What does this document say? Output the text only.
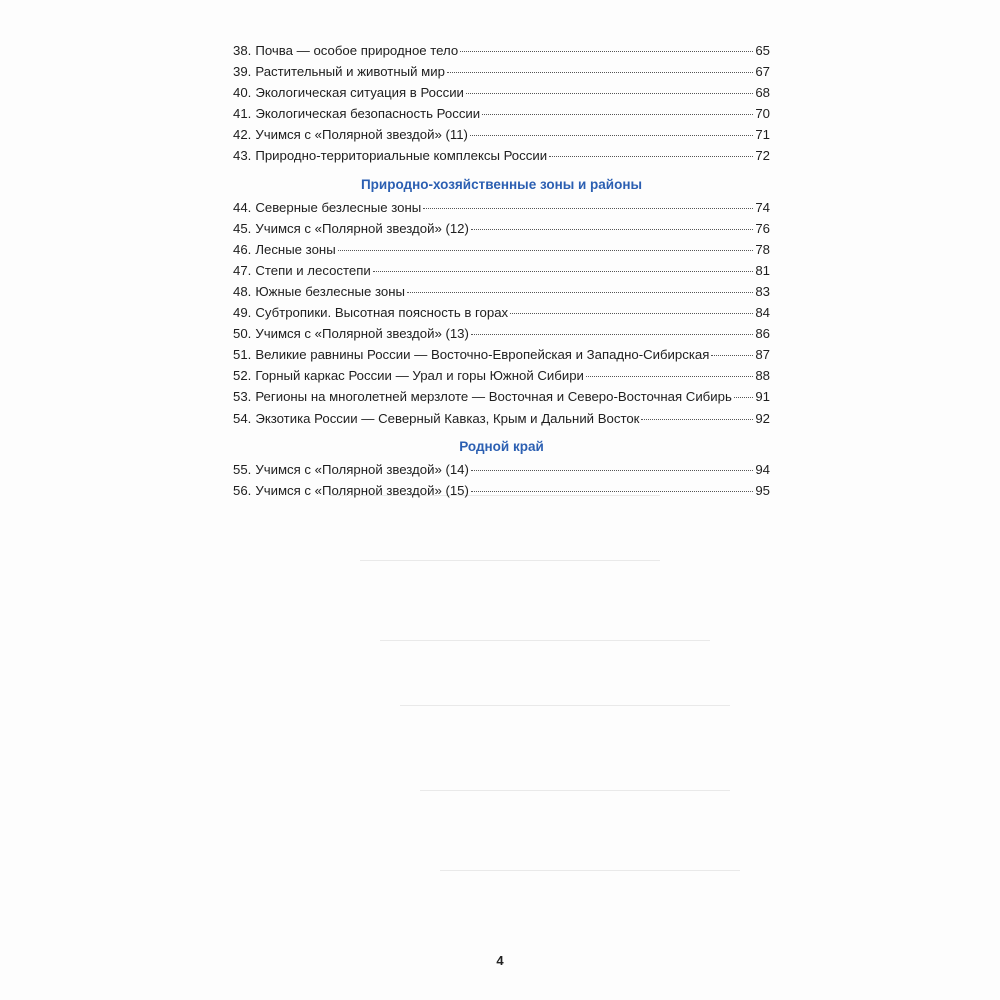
38. Почва — особое природное тело	65
39. Растительный и животный мир	67
40. Экологическая ситуация в России	68
41. Экологическая безопасность России	70
42. Учимся с «Полярной звездой» (11)	71
43. Природно-территориальные комплексы России	72
Природно-хозяйственные зоны и районы
44. Северные безлесные зоны	74
45. Учимся с «Полярной звездой» (12)	76
46. Лесные зоны	78
47. Степи и лесостепи	81
48. Южные безлесные зоны	83
49. Субтропики. Высотная поясность в горах	84
50. Учимся с «Полярной звездой» (13)	86
51. Великие равнины России — Восточно-Европейская и Западно-Сибирская	87
52. Горный каркас России — Урал и горы Южной Сибири	88
53. Регионы на многолетней мерзлоте — Восточная и Северо-Восточная Сибирь 91
54. Экзотика России — Северный Кавказ, Крым и Дальний Восток	92
Родной край
55. Учимся с «Полярной звездой» (14)	94
56. Учимся с «Полярной звездой» (15)	95
4
